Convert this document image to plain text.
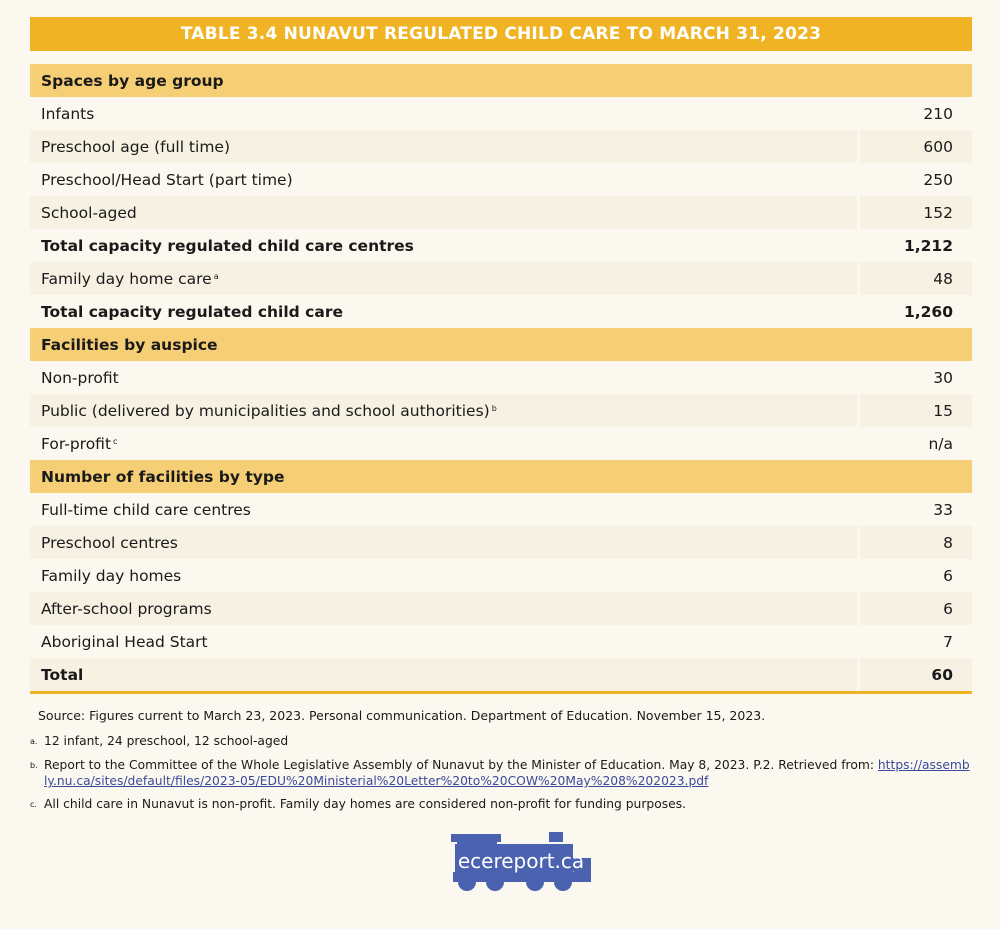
TABLE 3.4 NUNAVUT REGULATED CHILD CARE TO MARCH 31, 2023
Spaces by age group
Infants	210
Preschool age (full time)	600
Preschool/Head Start (part time)	250
School-aged	152
Total capacity regulated child care centres	1,212
Family day home care $^a$	48
Total capacity regulated child care	1,260
Facilities by auspice
Non-profit	30
Public (delivered by municipalities and school authorities) $^b$	15
For-profit $^c$	n/a
Number of facilities by type
Full-time child care centres	33
Preschool centres	8
Family day homes	6
After-school programs	6
Aboriginal Head Start	7
Total	60
Source: Figures current to March 23, 2023. Personal communication. Department of Education. November 15, 2023.
a. 12 infant, 24 preschool, 12 school-aged
b. Report to the Committee of the Whole Legislative Assembly of Nunavut by the Minister of Education. May 8, 2023. P.2. Retrieved from: https://assembly.nu.ca/sites/default/files/2023-05/EDU%20Ministerial%20Letter%20to%20COW%20May%208%202023.pdf
c. All child care in Nunavut is non-profit. Family day homes are considered non-profit for funding purposes.
ecereport.ca
